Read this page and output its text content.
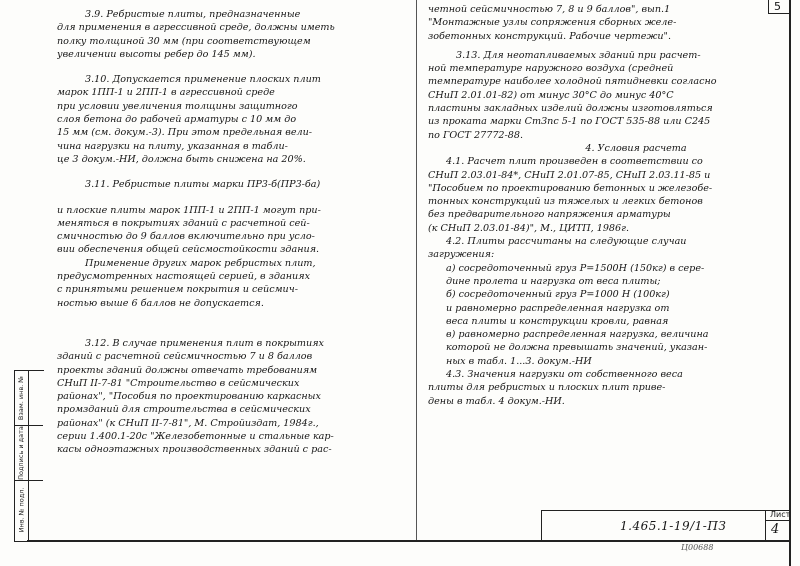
5

3.9. Ребристые плиты, предназначенные

для применения в агрессивной среде, должны иметь

полку толщиной 30 мм (при соответствующем

увеличении высоты ребер до 145 мм).

3.10. Допускается применение плоских плит

марок 1ПП-1 и 2ПП-1 в агрессивной среде

при условии увеличения толщины защитного

слоя бетона до рабочей арматуры с 10 мм до

15 мм (см. докум.-3). При этом предельная вели-

чина нагрузки на плиту, указанная в табли-

це 3 докум.-НИ, должна быть снижена на 20%.

3.11. Ребристые плиты марки ПР3-б(ПР3-бa)

и плоские плиты марок 1ПП-1 и 2ПП-1 могут при-

меняться в покрытиях зданий с расчетной сей-

смичностью до 9 баллов включительно при усло-

вии обеспечения общей сейсмостойкости здания.

Применение других марок ребристых плит,

предусмотренных настоящей серией, в зданиях

с принятыми решением покрытия и сейсмич-

ностью выше 6 баллов не допускается.

3.12. В случае применения плит в покрытиях

зданий с расчетной сейсмичностью 7 и 8 баллов

проекты зданий должны отвечать требованиям

СНиП II-7-81 "Строительство в сейсмических

районах", "Пособия по проектированию каркасных

промзданий для строительства в сейсмических

районах" (к СНиП II-7-81", М. Стройиздат, 1984г.,

серии 1.400.1-20с "Железобетонные и стальные кар-

касы одноэтажных производственных зданий с рас-

четной сейсмичностью 7, 8 и 9 баллов", вып.1

"Монтажные узлы сопряжения сборных желе-

зобетонных конструкций. Рабочие чертежи".

3.13. Для неотапливаемых зданий при расчет-

ной температуре наружного воздуха (средней

температуре наиболее холодной пятидневки согласно

СНиП 2.01.01-82) от минус 30°С до минус 40°С

пластины закладных изделий должны изготовляться

из проката марки Ст3пс 5-1 по ГОСТ 535-88 или С245

по ГОСТ 27772-88.

4. Условия расчета

4.1. Расчет плит произведен в соответствии со

СНиП 2.03.01-84*, СНиП 2.01.07-85, СНиП 2.03.11-85 и

"Пособием по проектированию бетонных и железобе-

тонных конструкций из тяжелых и легких бетонов

без предварительного напряжения арматуры

(к СНиП 2.03.01-84)", М., ЦИТП, 1986г.

4.2. Плиты рассчитаны на следующие случаи

загружения:

а) сосредоточенный груз Р=1500Н (150кг) в сере-

дине пролета и нагрузка от веса плиты;

б) сосредоточенный груз Р=1000 Н (100кг)

и равномерно распределенная нагрузка от

веса плиты и конструкции кровли, равная

в) равномерно распределенная нагрузка, величина

которой не должна превышать значений, указан-

ных в табл. 1...3. докум.-НИ

4.3. Значения нагрузки от собственного веса

плиты для ребристых и плоских плит приве-

дены в табл. 4 докум.-НИ.

Инв. № подл.
Подпись и дата
Взам. инв. №
1.465.1-19/1-ПЗ
Лист
4
Ц00688
